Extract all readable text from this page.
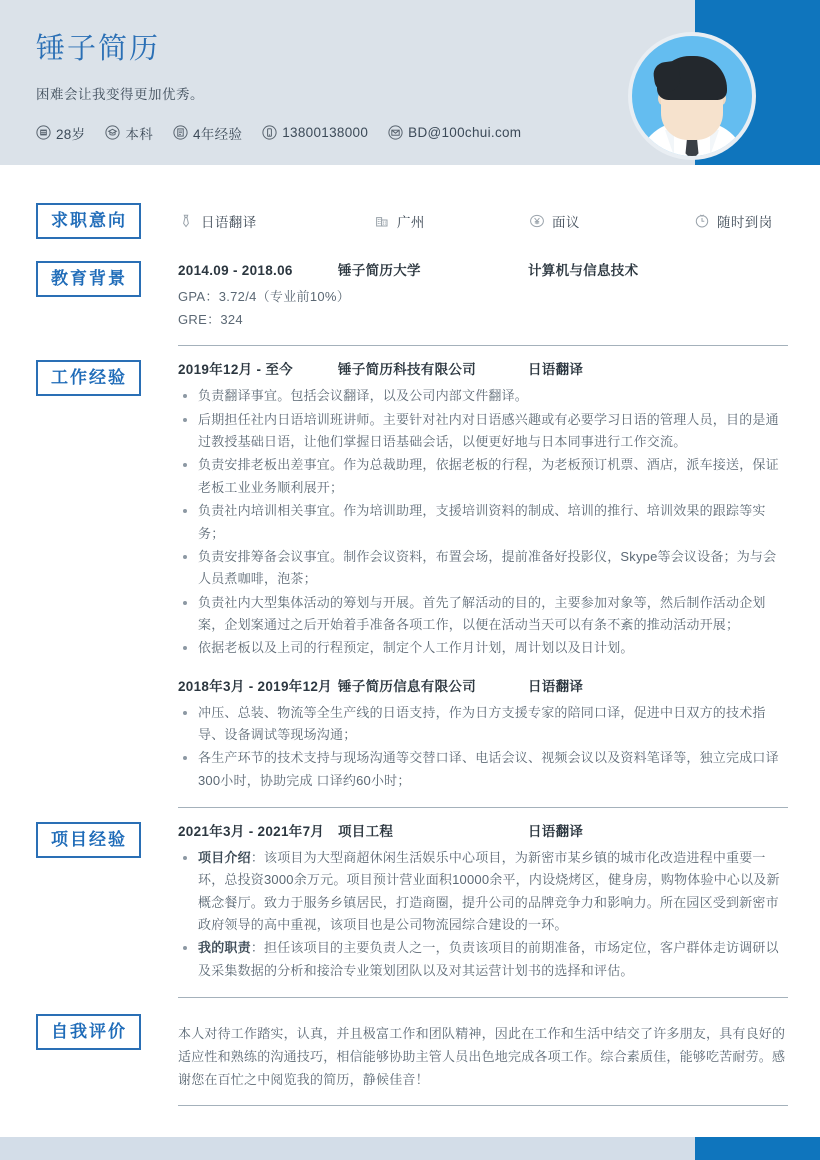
锤子简历
困难会让我变得更加优秀。
28岁	本科	4年经验	13800138000	BD@100chui.com
求职意向	日语翻译	广州	面议	随时到岗
教育背景	2014.09 - 2018.06	锤子简历大学	计算机与信息技术
GPA：3.72/4（专业前10%）
GRE：324
工作经验	2019年12月 - 至今	锤子简历科技有限公司	日语翻译
负责翻译事宜。包括会议翻译，以及公司内部文件翻译。
后期担任社内日语培训班讲师。主要针对社内对日语感兴趣或有必要学习日语的管理人员，目的是通过教授基础日语，让他们掌握日语基础会话，以便更好地与日本同事进行工作交流。
负责安排老板出差事宜。作为总裁助理，依据老板的行程，为老板预订机票、酒店，派车接送，保证老板工业业务顺利展开；
负责社内培训相关事宜。作为培训助理，支援培训资料的制成、培训的推行、培训效果的跟踪等实务；
负责安排筹备会议事宜。制作会议资料，布置会场，提前准备好投影仪，Skype等会议设备；为与会人员煮咖啡，泡茶；
负责社内大型集体活动的筹划与开展。首先了解活动的目的，主要参加对象等，然后制作活动企划案，企划案通过之后开始着手准备各项工作，以便在活动当天可以有条不紊的推动活动开展；
依据老板以及上司的行程预定，制定个人工作月计划，周计划以及日计划。
2018年3月 - 2019年12月 锤子简历信息有限公司	日语翻译
冲压、总装、物流等全生产线的日语支持，作为日方支援专家的陪同口译，促进中日双方的技术指导、设备调试等现场沟通；
各生产环节的技术支持与现场沟通等交替口译、电话会议、视频会议以及资料笔译等，独立完成口译300小时，协助完成 口译约60小时；
项目经验	2021年3月 - 2021年7月	项目工程	日语翻译
项目介绍：该项目为大型商超休闲生活娱乐中心项目，为新密市某乡镇的城市化改造进程中重要一环，总投资3000余万元。项目预计营业面积10000余平，内设烧烤区，健身房，购物体验中心以及新概念餐厅。致力于服务乡镇居民，打造商圈，提升公司的品牌竞争力和影响力。所在园区受到新密市政府领导的高中重视，该项目也是公司物流园综合建设的一环。
我的职责：担任该项目的主要负责人之一，负责该项目的前期准备，市场定位，客户群体走访调研以及采集数据的分析和接洽专业策划团队以及对其运营计划书的选择和评估。
自我评价	本人对待工作踏实，认真，并且极富工作和团队精神，因此在工作和生活中结交了许多朋友，具有良好的适应性和熟练的沟通技巧，相信能够协助主管人员出色地完成各项工作。综合素质佳，能够吃苦耐劳。感谢您在百忙之中阅览我的简历，静候佳音！
